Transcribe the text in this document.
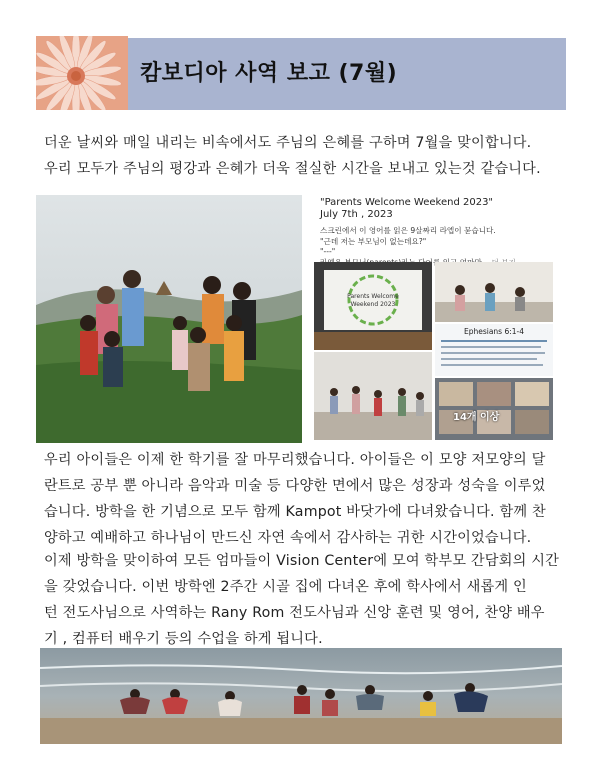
캄보디아 사역 보고 (7월)
더운 날씨와 매일 내리는 비속에서도 주님의 은혜를 구하며 7월을 맞이합니다.
우리 모두가 주님의 평강과 은혜가 더욱 절실한 시간을 보내고 있는것 같습니다.
"Parents Welcome Weekend 2023"
July 7th , 2023
스크린에서 이 영어를 읽은 9살짜리 라엡이 묻습니다.
"근데 저는 부모님이 없는데요?"
"---"
Parents Welcome
Weekend 2023
Ephesians 6:1-4
14개 이상
우리 아이들은 이제 한 학기를 잘 마무리했습니다. 아이들은 이 모양 저모양의 달
란트로 공부 뿐 아니라 음악과 미술 등 다양한 면에서 많은 성장과 성숙을 이루었
습니다. 방학을 한 기념으로 모두 함께 Kampot 바닷가에 다녀왔습니다. 함께 찬
양하고 예배하고 하나님이 만드신 자연 속에서 감사하는 귀한 시간이었습니다.
이제 방학을 맞이하여 모든 엄마들이 Vision Center에 모여 학부모 간담회의 시간
을 갖었습니다. 이번 방학엔 2주간 시골 집에 다녀온 후에 학사에서 새롭게 인
턴 전도사님으로 사역하는 Rany Rom 전도사님과 신앙 훈련 및 영어, 찬양 배우
기 , 컴퓨터 배우기 등의 수업을 하게 됩니다.
